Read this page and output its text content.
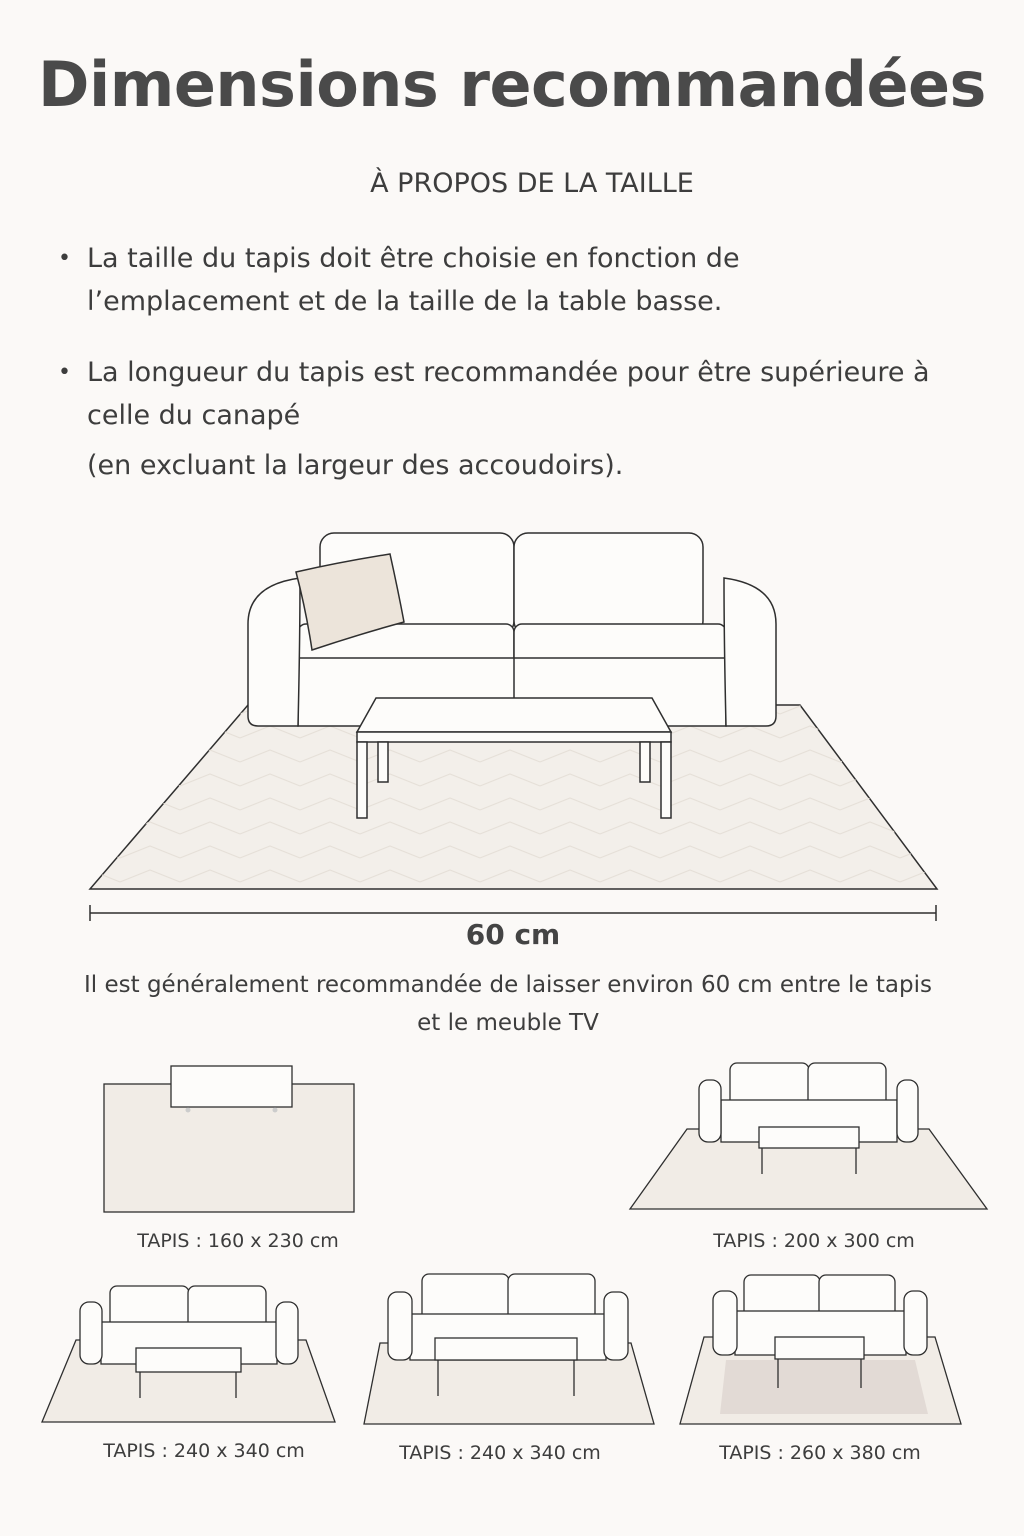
Dimensions recommandées

À PROPOS DE LA TAILLE

• La taille du tapis doit être choisie en fonction de l’emplacement et de la taille de la table basse.
• La longueur du tapis est recommandée pour être supérieure à celle du canapé
(en excluant la largeur des accoudoirs).
60 cm
Il est généralement recommandée de laisser environ 60 cm entre le tapis et le meuble TV
TAPIS : 160 x 230 cm	TAPIS : 200 x 300 cm
TAPIS : 240 x 340 cm	TAPIS : 240 x 340 cm	TAPIS : 260 x 380 cm
